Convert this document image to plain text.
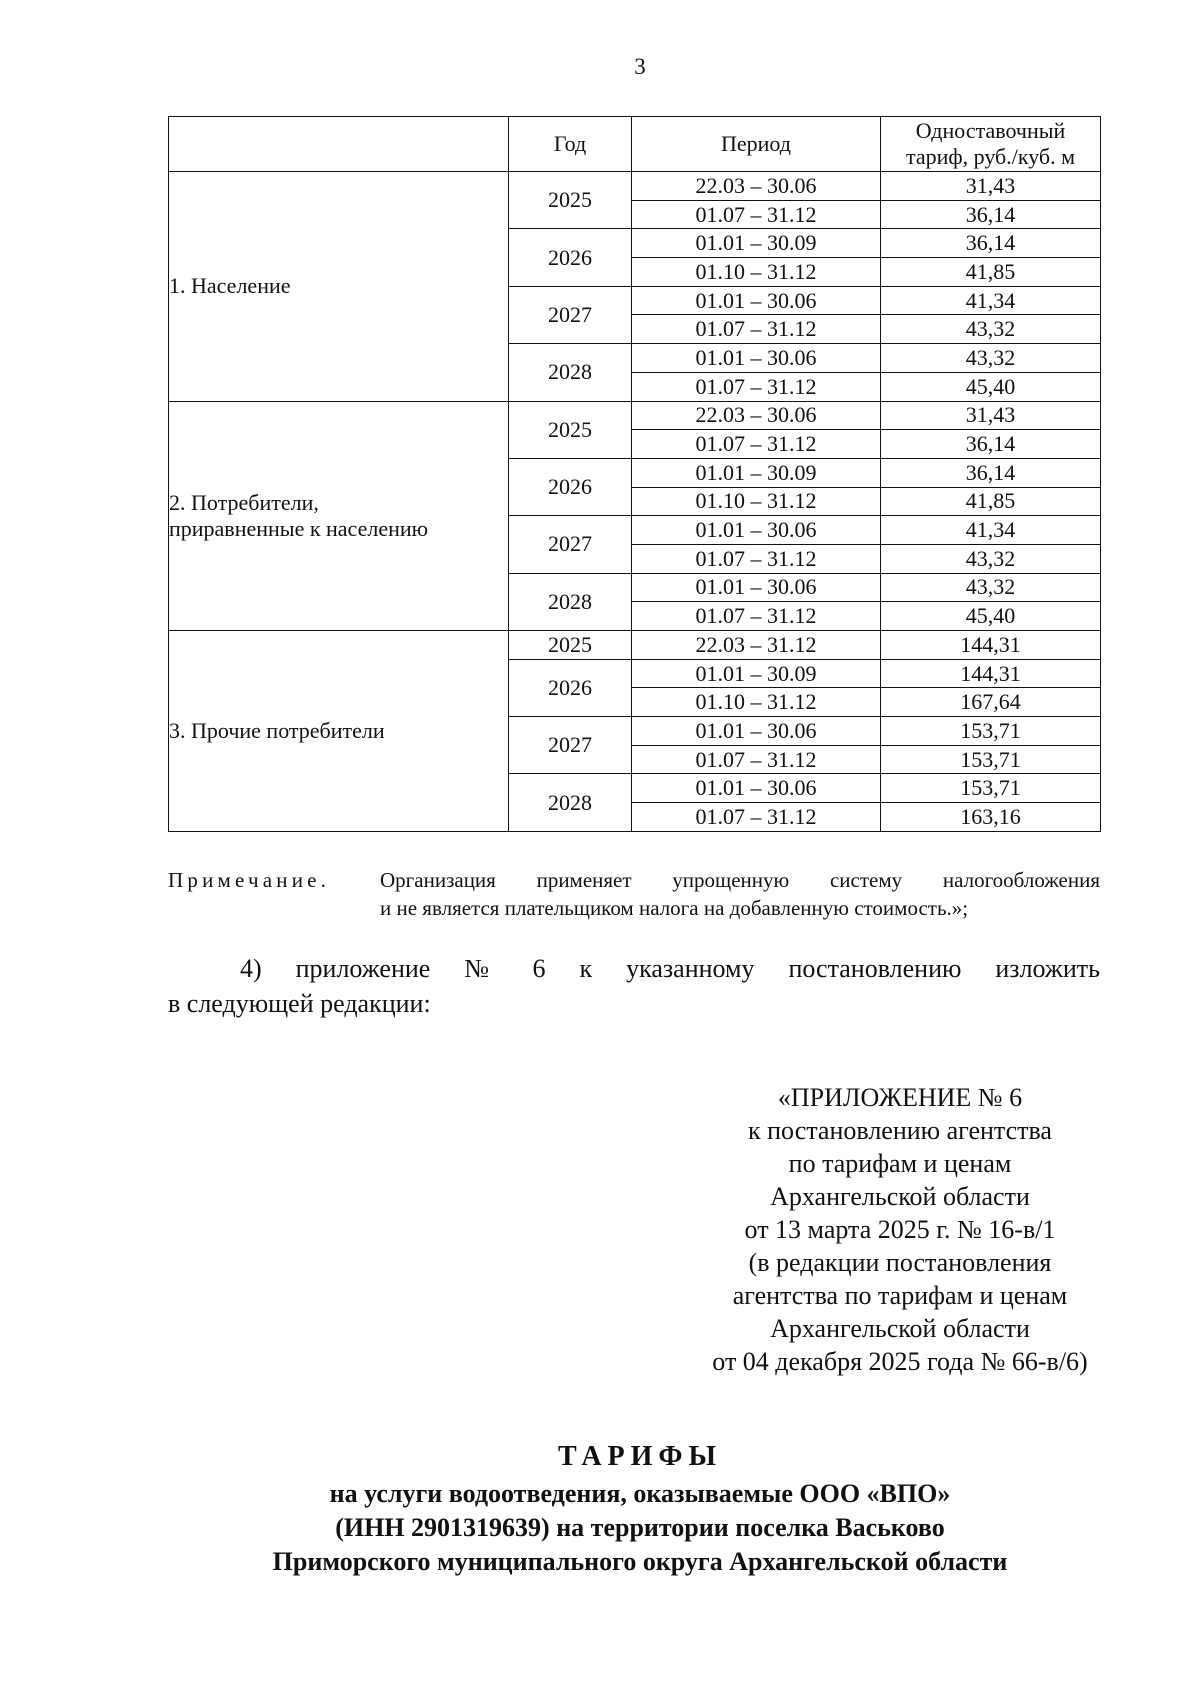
3
	Год	Период	Одноставочный
тариф, руб./куб. м

1. Население	2025	22.03 – 30.06	31,43
		01.07 – 31.12	36,14
	2026	01.01 – 30.09	36,14
		01.10 – 31.12	41,85
	2027	01.01 – 30.06	41,34
		01.07 – 31.12	43,32
	2028	01.01 – 30.06	43,32
		01.07 – 31.12	45,40

2. Потребители,
приравненные к населению	2025	22.03 – 30.06	31,43
		01.07 – 31.12	36,14
	2026	01.01 – 30.09	36,14
		01.10 – 31.12	41,85
	2027	01.01 – 30.06	41,34
		01.07 – 31.12	43,32
	2028	01.01 – 30.06	43,32
		01.07 – 31.12	45,40

3. Прочие потребители	2025	22.03 – 31.12	144,31
	2026	01.01 – 30.09	144,31
		01.10 – 31.12	167,64
	2027	01.01 – 30.06	153,71
		01.07 – 31.12	153,71
	2028	01.01 – 30.06	153,71
		01.07 – 31.12	163,16
Примечание. Организация применяет упрощенную систему налогообложения
и не является плательщиком налога на добавленную стоимость.»;
4) приложение № 6 к указанному постановлению изложить
в следующей редакции:
«ПРИЛОЖЕНИЕ № 6
к постановлению агентства
по тарифам и ценам
Архангельской области
от 13 марта 2025 г. № 16-в/1
(в редакции постановления
агентства по тарифам и ценам
Архангельской области
от 04 декабря 2025 года № 66-в/6)
ТАРИФЫ
на услуги водоотведения, оказываемые ООО «ВПО»
(ИНН 2901319639) на территории поселка Васьково
Приморского муниципального округа Архангельской области
